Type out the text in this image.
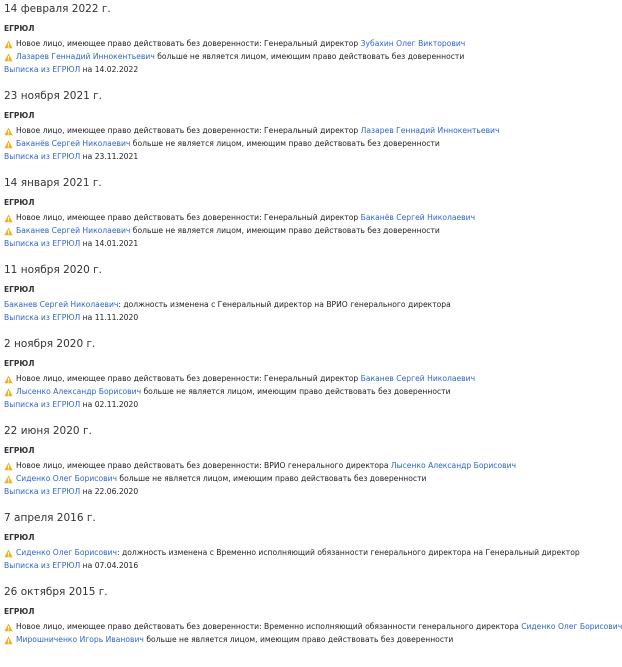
14 февраля 2022 г.
ЕГРЮЛ
Новое лицо, имеющее право действовать без доверенности: Генеральный директор Зубахин Олег Викторович
Лазарев Геннадий Иннокентьевич больше не является лицом, имеющим право действовать без доверенности
Выписка из ЕГРЮЛ на 14.02.2022
23 ноября 2021 г.
ЕГРЮЛ
Новое лицо, имеющее право действовать без доверенности: Генеральный директор Лазарев Геннадий Иннокентьевич
Баканёв Сергей Николаевич больше не является лицом, имеющим право действовать без доверенности
Выписка из ЕГРЮЛ на 23.11.2021
14 января 2021 г.
ЕГРЮЛ
Новое лицо, имеющее право действовать без доверенности: Генеральный директор Баканёв Сергей Николаевич
Баканев Сергей Николаевич больше не является лицом, имеющим право действовать без доверенности
Выписка из ЕГРЮЛ на 14.01.2021
11 ноября 2020 г.
ЕГРЮЛ
Баканев Сергей Николаевич: должность изменена с Генеральный директор на ВРИО генерального директора
Выписка из ЕГРЮЛ на 11.11.2020
2 ноября 2020 г.
ЕГРЮЛ
Новое лицо, имеющее право действовать без доверенности: Генеральный директор Баканев Сергей Николаевич
Лысенко Александр Борисович больше не является лицом, имеющим право действовать без доверенности
Выписка из ЕГРЮЛ на 02.11.2020
22 июня 2020 г.
ЕГРЮЛ
Новое лицо, имеющее право действовать без доверенности: ВРИО генерального директора Лысенко Александр Борисович
Сиденко Олег Борисович больше не является лицом, имеющим право действовать без доверенности
Выписка из ЕГРЮЛ на 22.06.2020
7 апреля 2016 г.
ЕГРЮЛ
Сиденко Олег Борисович: должность изменена с Временно исполняющий обязанности генерального директора на Генеральный директор
Выписка из ЕГРЮЛ на 07.04.2016
26 октября 2015 г.
ЕГРЮЛ
Новое лицо, имеющее право действовать без доверенности: Временно исполняющий обязанности генерального директора Сиденко Олег Борисович
Мирошниченко Игорь Иванович больше не является лицом, имеющим право действовать без доверенности
